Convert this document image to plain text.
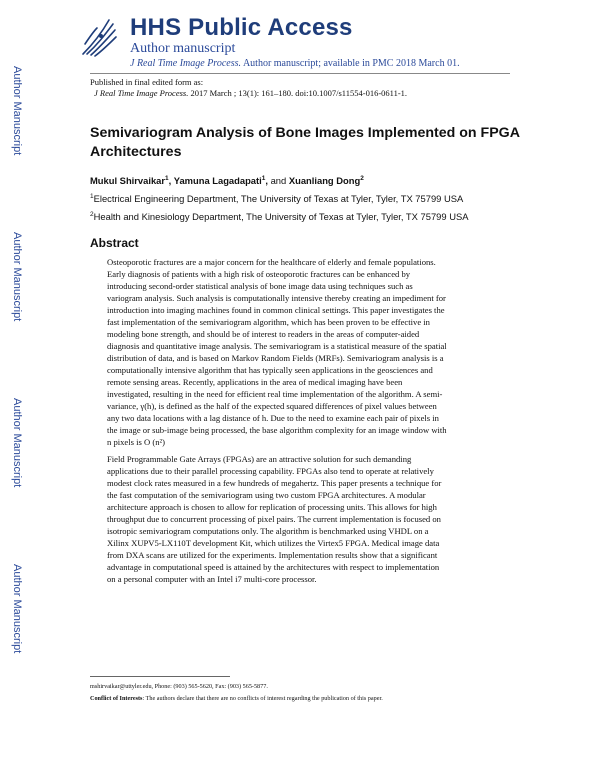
HHS Public Access
Author manuscript
J Real Time Image Process. Author manuscript; available in PMC 2018 March 01.
Published in final edited form as:
J Real Time Image Process. 2017 March ; 13(1): 161–180. doi:10.1007/s11554-016-0611-1.
Author Manuscript
Author Manuscript
Author Manuscript
Author Manuscript
Semivariogram Analysis of Bone Images Implemented on FPGA Architectures
Mukul Shirvaikar$^1$, Yamuna Lagadapati$^1$, and Xuanliang Dong$^2$
$^1$Electrical Engineering Department, The University of Texas at Tyler, Tyler, TX 75799 USA
$^2$Health and Kinesiology Department, The University of Texas at Tyler, Tyler, TX 75799 USA
Abstract
Osteoporotic fractures are a major concern for the healthcare of elderly and female populations.
Early diagnosis of patients with a high risk of osteoporotic fractures can be enhanced by
introducing second-order statistical analysis of bone image data using techniques such as
variogram analysis. Such analysis is computationally intensive thereby creating an impediment for
introduction into imaging machines found in common clinical settings. This paper investigates the
fast implementation of the semivariogram algorithm, which has been proven to be effective in
modeling bone strength, and should be of interest to readers in the areas of computer-aided
diagnosis and quantitative image analysis. The semivariogram is a statistical measure of the spatial
distribution of data, and is based on Markov Random Fields (MRFs). Semivariogram analysis is a
computationally intensive algorithm that has typically seen applications in the geosciences and
remote sensing areas. Recently, applications in the area of medical imaging have been
investigated, resulting in the need for efficient real time implementation of the algorithm. A semi-
variance, γ(h), is defined as the half of the expected squared differences of pixel values between
any two data locations with a lag distance of h. Due to the need to examine each pair of pixels in
the image or sub-image being processed, the base algorithm complexity for an image window with
n pixels is O (n²)
Field Programmable Gate Arrays (FPGAs) are an attractive solution for such demanding
applications due to their parallel processing capability. FPGAs also tend to operate at relatively
modest clock rates measured in a few hundreds of megahertz. This paper presents a technique for
the fast computation of the semivariogram using two custom FPGA architectures. A modular
architecture approach is chosen to allow for replication of processing units. This allows for high
throughput due to concurrent processing of pixel pairs. The current implementation is focused on
isotropic semivariogram computations only. The algorithm is benchmarked using VHDL on a
Xilinx XUPV5-LX110T development Kit, which utilizes the Virtex5 FPGA. Medical image data
from DXA scans are utilized for the experiments. Implementation results show that a significant
advantage in computational speed is attained by the architectures with respect to implementation
on a personal computer with an Intel i7 multi-core processor.
mshirvaikar@uttyler.edu, Phone: (903) 565-5620, Fax: (903) 565-5877.
Conflict of Interests: The authors declare that there are no conflicts of interest regarding the publication of this paper.
